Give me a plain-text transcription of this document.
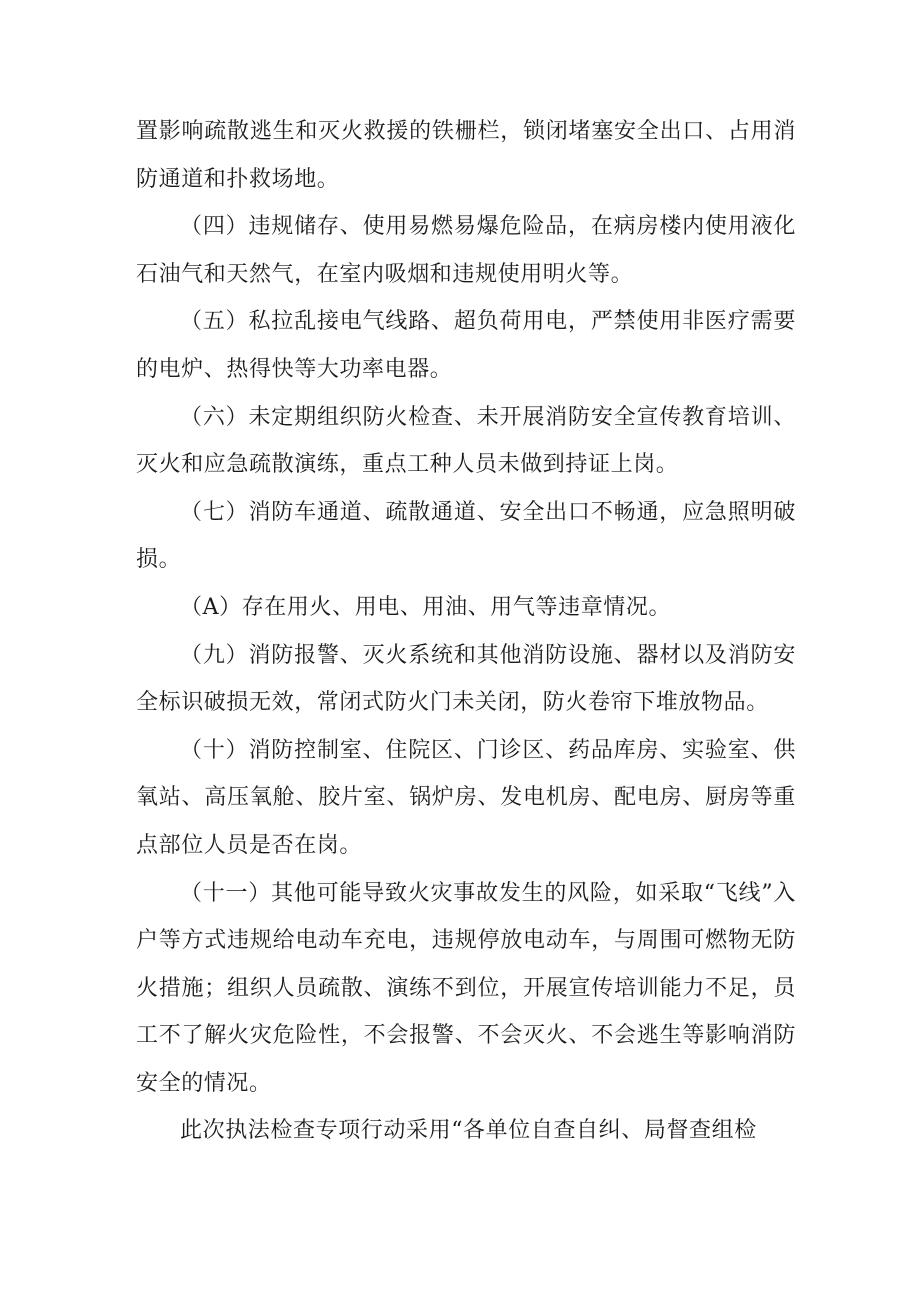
置影响疏散逃生和灭火救援的铁栅栏，锁闭堵塞安全出口、占用消防通道和扑救场地。

（四）违规储存、使用易燃易爆危险品，在病房楼内使用液化石油气和天然气，在室内吸烟和违规使用明火等。

（五）私拉乱接电气线路、超负荷用电，严禁使用非医疗需要的电炉、热得快等大功率电器。

（六）未定期组织防火检查、未开展消防安全宣传教育培训、灭火和应急疏散演练，重点工种人员未做到持证上岗。

（七）消防车通道、疏散通道、安全出口不畅通，应急照明破损。

（A）存在用火、用电、用油、用气等违章情况。

（九）消防报警、灭火系统和其他消防设施、器材以及消防安全标识破损无效，常闭式防火门未关闭，防火卷帘下堆放物品。

（十）消防控制室、住院区、门诊区、药品库房、实验室、供氧站、高压氧舱、胶片室、锅炉房、发电机房、配电房、厨房等重点部位人员是否在岗。

（十一）其他可能导致火灾事故发生的风险，如采取“飞线”入户等方式违规给电动车充电，违规停放电动车，与周围可燃物无防火措施；组织人员疏散、演练不到位，开展宣传培训能力不足，员工不了解火灾危险性，不会报警、不会灭火、不会逃生等影响消防安全的情况。

此次执法检查专项行动采用“各单位自查自纠、局督查组检
